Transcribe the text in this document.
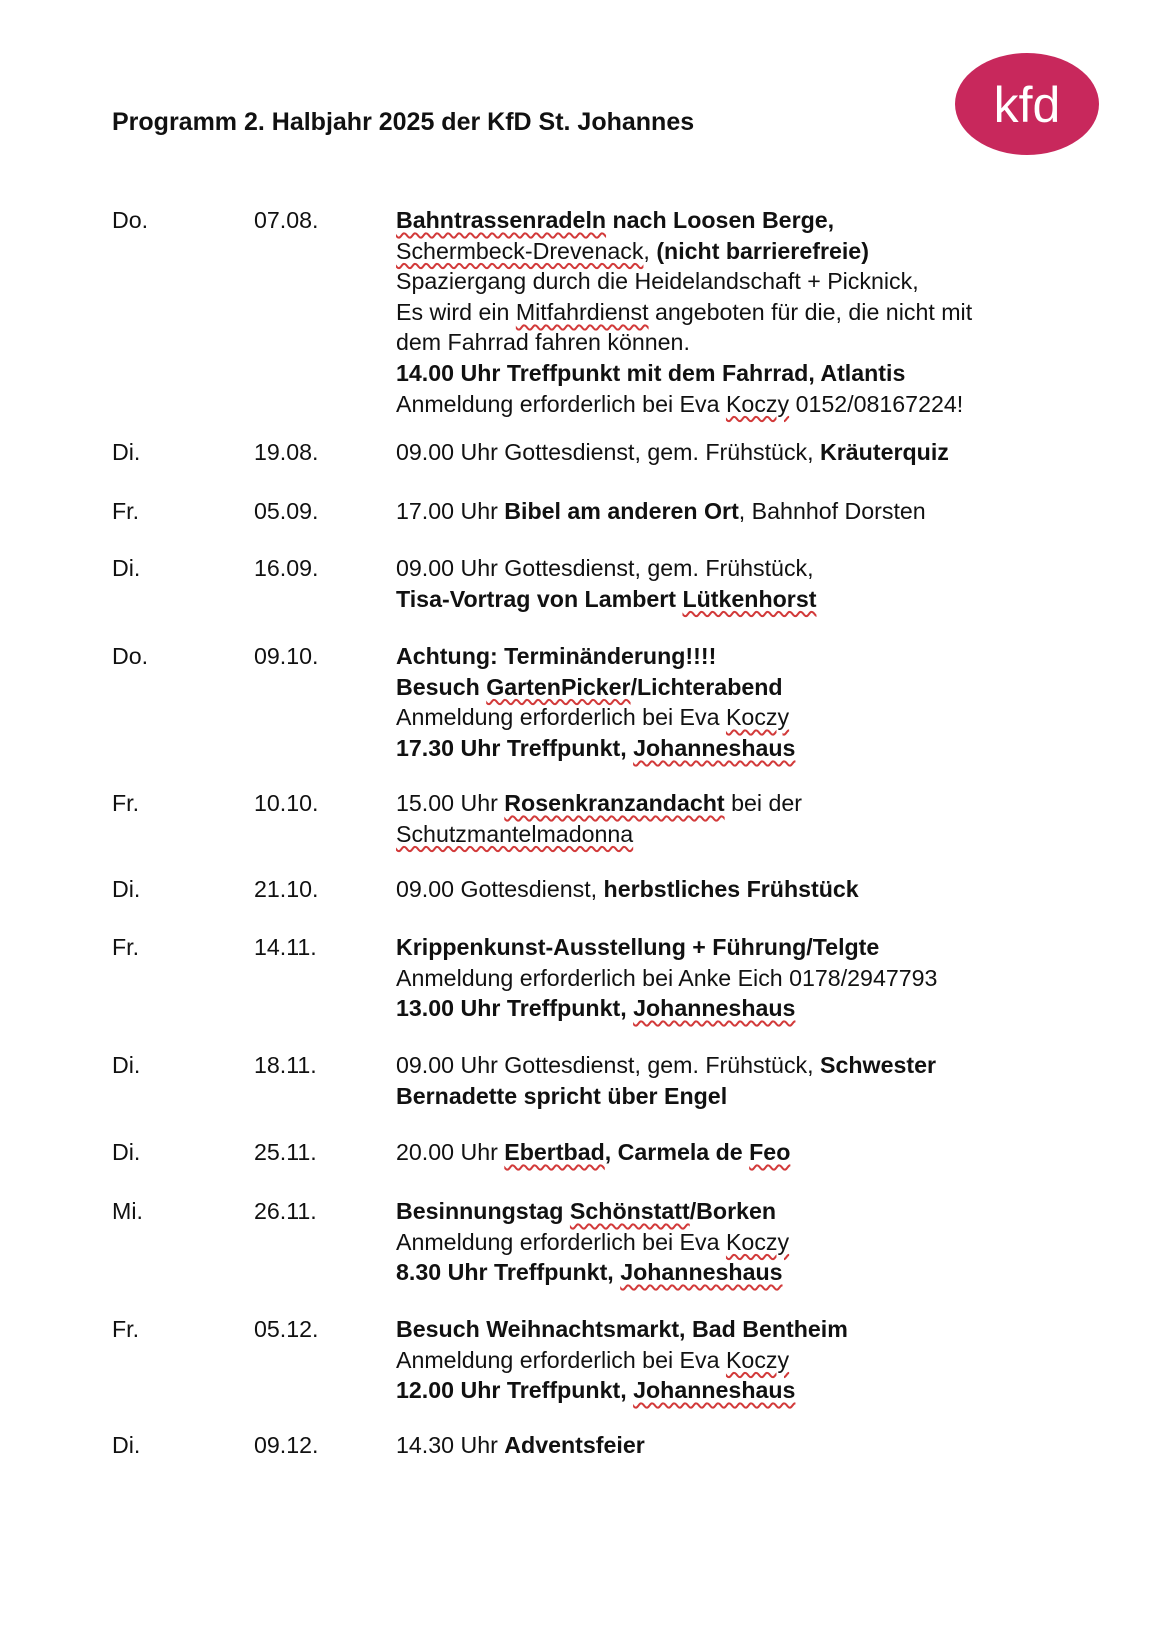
Programm 2. Halbjahr 2025 der KfD St. Johannes	kfd
Do.	07.08.	Bahntrassenradeln nach Loosen Berge,
Schermbeck-Drevenack, (nicht barrierefreie)
Spaziergang durch die Heidelandschaft + Picknick,
Es wird ein Mitfahrdienst angeboten für die, die nicht mit
dem Fahrrad fahren können.
14.00 Uhr Treffpunkt mit dem Fahrrad, Atlantis
Anmeldung erforderlich bei Eva Koczy 0152/08167224!
Di.	19.08.	09.00 Uhr Gottesdienst, gem. Frühstück, Kräuterquiz
Fr.	05.09.	17.00 Uhr Bibel am anderen Ort, Bahnhof Dorsten
Di.	16.09.	09.00 Uhr Gottesdienst, gem. Frühstück,
Tisa-Vortrag von Lambert Lütkenhorst
Do.	09.10.	Achtung: Terminänderung!!!!
Besuch GartenPicker/Lichterabend
Anmeldung erforderlich bei Eva Koczy
17.30 Uhr Treffpunkt, Johanneshaus
Fr.	10.10.	15.00 Uhr Rosenkranzandacht bei der
Schutzmantelmadonna
Di.	21.10.	09.00 Gottesdienst, herbstliches Frühstück
Fr.	14.11.	Krippenkunst-Ausstellung + Führung/Telgte
Anmeldung erforderlich bei Anke Eich 0178/2947793
13.00 Uhr Treffpunkt, Johanneshaus
Di.	18.11.	09.00 Uhr Gottesdienst, gem. Frühstück, Schwester
Bernadette spricht über Engel
Di.	25.11.	20.00 Uhr Ebertbad, Carmela de Feo
Mi.	26.11.	Besinnungstag Schönstatt/Borken
Anmeldung erforderlich bei Eva Koczy
8.30 Uhr Treffpunkt, Johanneshaus
Fr.	05.12.	Besuch Weihnachtsmarkt, Bad Bentheim
Anmeldung erforderlich bei Eva Koczy
12.00 Uhr Treffpunkt, Johanneshaus
Di.	09.12.	14.30 Uhr Adventsfeier
